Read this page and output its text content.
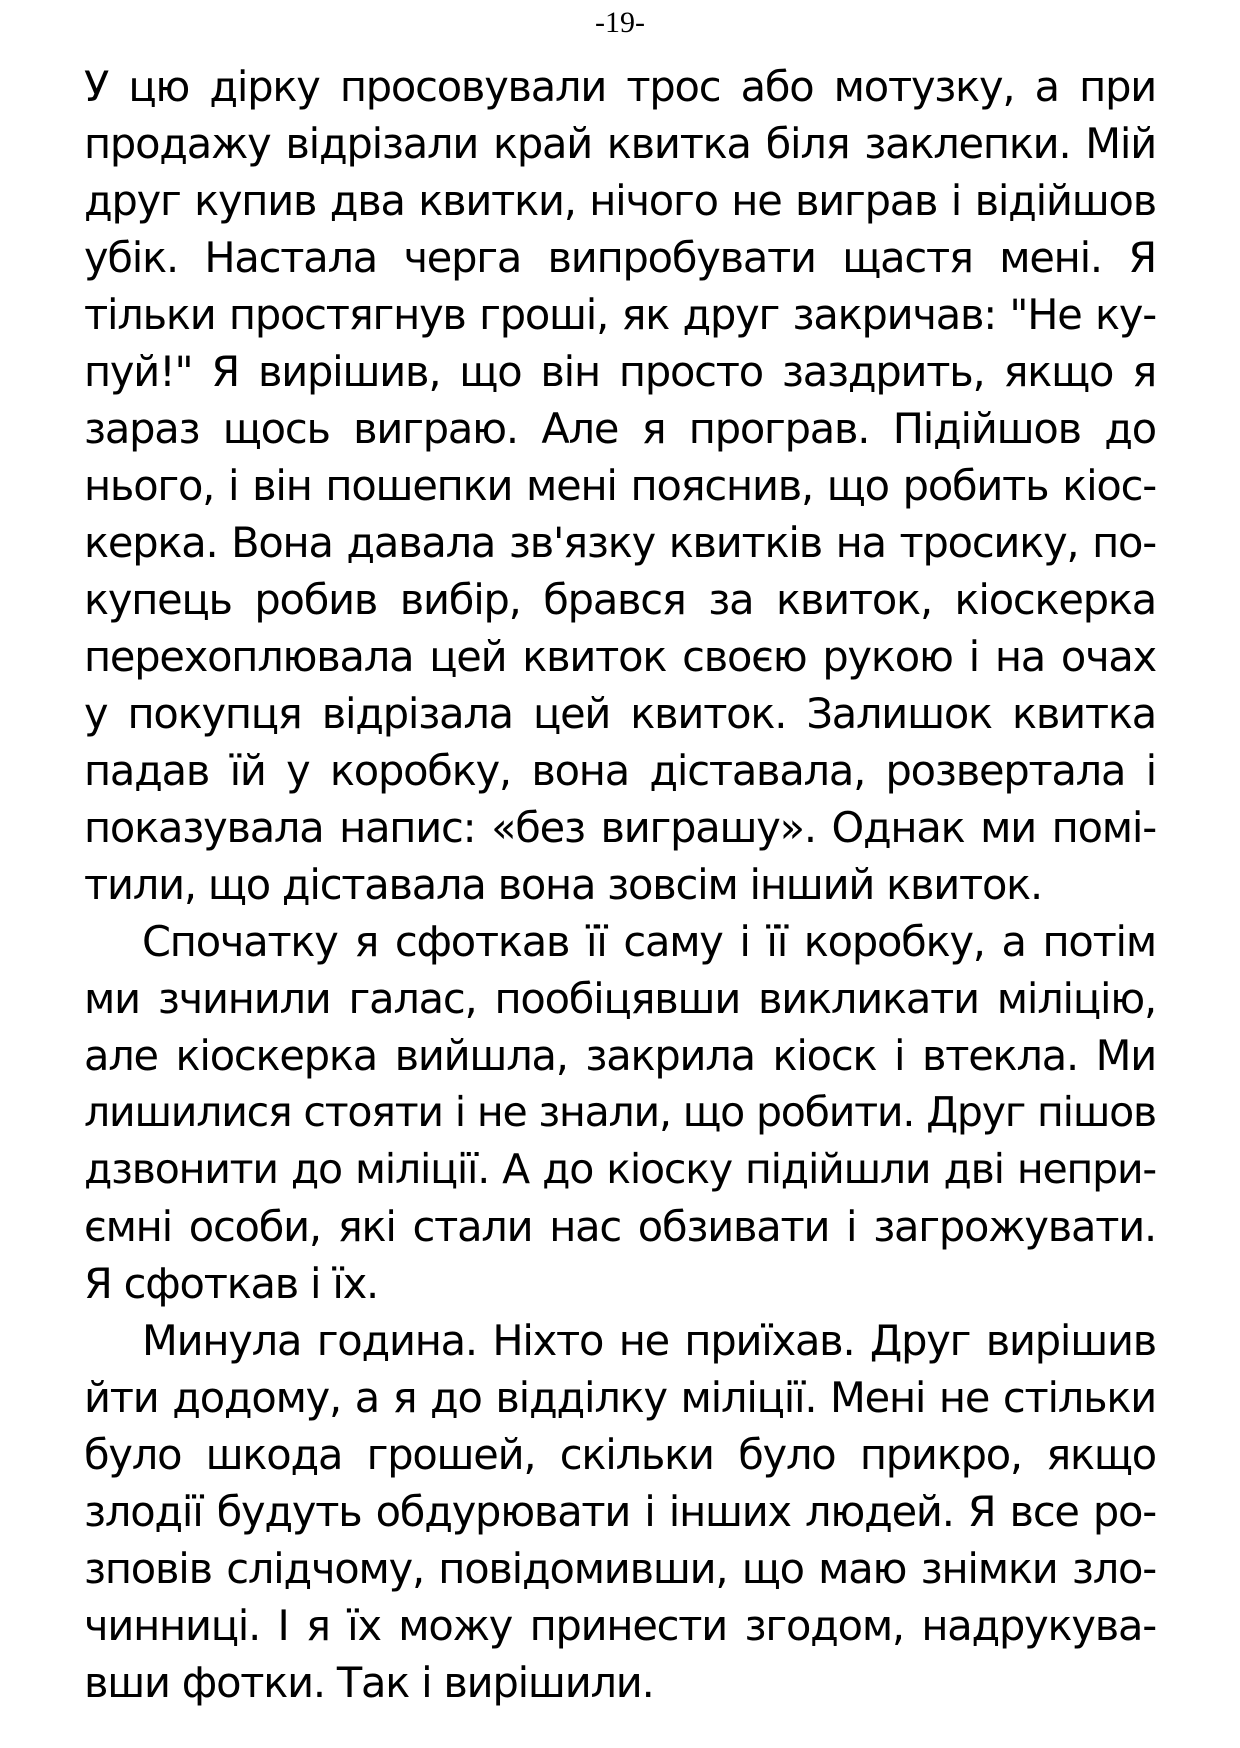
-19-
У цю дірку просовували трос або мотузку, а при
продажу відрізали край квитка біля заклепки. Мій
друг купив два квитки, нічого не виграв і відійшов
убік. Настала черга випробувати щастя мені. Я
тільки простягнув гроші, як друг закричав: "Не ку-
пуй!" Я вирішив, що він просто заздрить, якщо я
зараз щось виграю. Але я програв. Підійшов до
нього, і він пошепки мені пояснив, що робить кіос-
керка. Вона давала зв'язку квитків на тросику, по-
купець робив вибір, брався за квиток, кіоскерка
перехоплювала цей квиток своєю рукою і на очах
у покупця відрізала цей квиток. Залишок квитка
падав їй у коробку, вона діставала, розвертала і
показувала напис: «без виграшу». Однак ми помі-
тили, що діставала вона зовсім інший квиток.
Спочатку я сфоткав її саму і її коробку, а потім
ми зчинили галас, пообіцявши викликати міліцію,
але кіоскерка вийшла, закрила кіоск і втекла. Ми
лишилися стояти і не знали, що робити. Друг пішов
дзвонити до міліції. А до кіоску підійшли дві непри-
ємні особи, які стали нас обзивати і загрожувати.
Я сфоткав і їх.
Минула година. Ніхто не приїхав. Друг вирішив
йти додому, а я до відділку міліції. Мені не стільки
було шкода грошей, скільки було прикро, якщо
злодії будуть обдурювати і інших людей. Я все ро-
зповів слідчому, повідомивши, що маю знімки зло-
чинниці. І я їх можу принести згодом, надрукува-
вши фотки. Так і вирішили.
